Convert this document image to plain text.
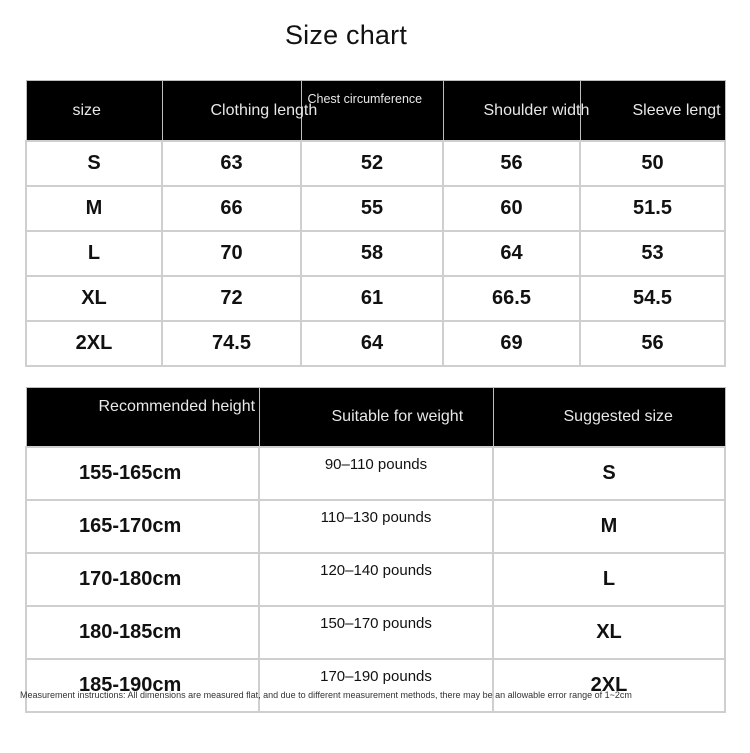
Size chart
size	Clothing length	Chest circumference	Shoulder width	Sleeve lengt
S	63	52	56	50
M	66	55	60	51.5
L	70	58	64	53
XL	72	61	66.5	54.5
2XL	74.5	64	69	56
Recommended height	Suitable for weight	Suggested size
155-165cm	90–110 pounds	S
165-170cm	110–130 pounds	M
170-180cm	120–140 pounds	L
180-185cm	150–170 pounds	XL
185-190cm	170–190 pounds	2XL
Measurement instructions: All dimensions are measured flat, and due to different measurement methods, there may be an allowable error range of 1~2cm
